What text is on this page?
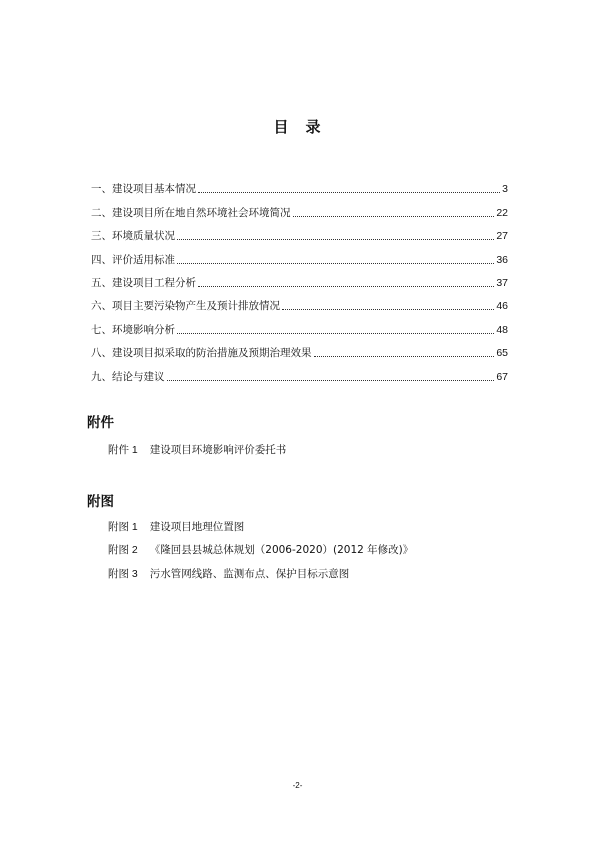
目　录
一、建设项目基本情况	3
二、建设项目所在地自然环境社会环境简况	22
三、环境质量状况	27
四、评价适用标准	36
五、建设项目工程分析	37
六、项目主要污染物产生及预计排放情况	46
七、环境影响分析	48
八、建设项目拟采取的防治措施及预期治理效果	65
九、结论与建议	67
附件
附件 1 建设项目环境影响评价委托书
附图
附图 1 建设项目地理位置图
附图 2 《隆回县县城总体规划（2006-2020）(2012 年修改)》
附图 3 污水管网线路、监测布点、保护目标示意图
-2-
